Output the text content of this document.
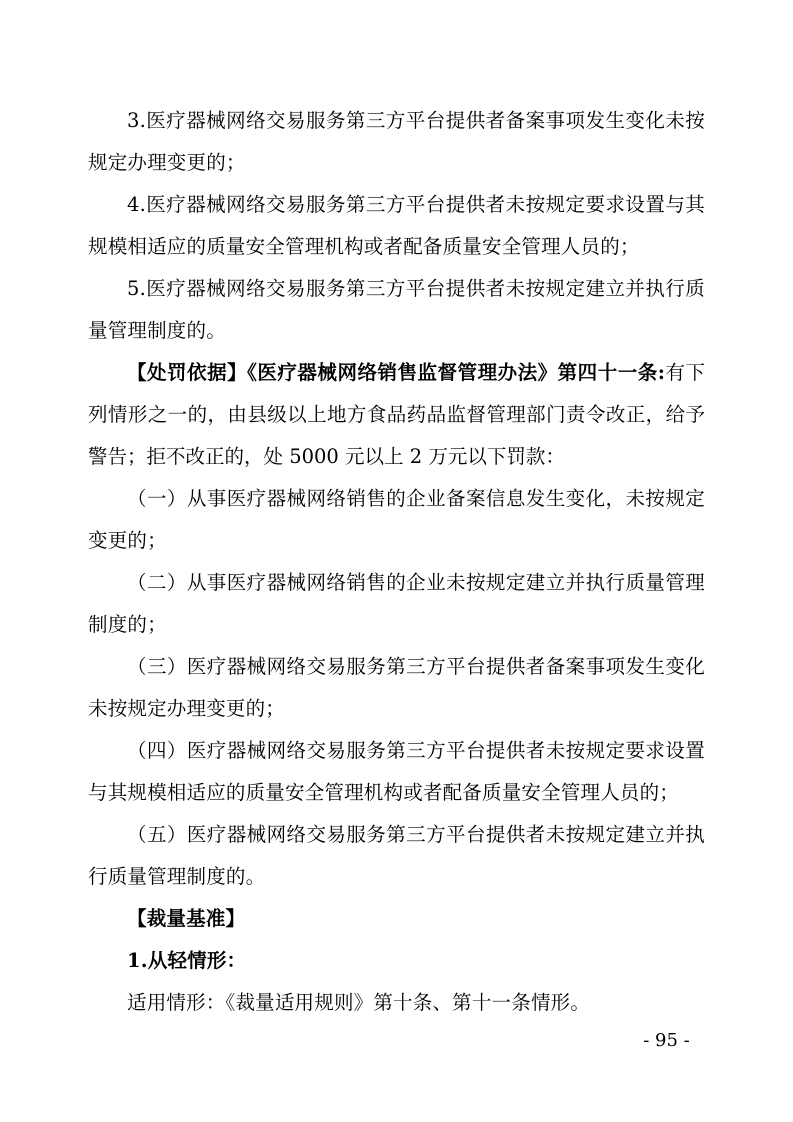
3.医疗器械网络交易服务第三方平台提供者备案事项发生变化未按规定办理变更的；

4.医疗器械网络交易服务第三方平台提供者未按规定要求设置与其规模相适应的质量安全管理机构或者配备质量安全管理人员的；

5.医疗器械网络交易服务第三方平台提供者未按规定建立并执行质量管理制度的。

【处罚依据】《医疗器械网络销售监督管理办法》第四十一条:有下列情形之一的，由县级以上地方食品药品监督管理部门责令改正，给予警告；拒不改正的，处 5000 元以上 2 万元以下罚款：

（一）从事医疗器械网络销售的企业备案信息发生变化，未按规定变更的；

（二）从事医疗器械网络销售的企业未按规定建立并执行质量管理制度的；

（三）医疗器械网络交易服务第三方平台提供者备案事项发生变化未按规定办理变更的；

（四）医疗器械网络交易服务第三方平台提供者未按规定要求设置与其规模相适应的质量安全管理机构或者配备质量安全管理人员的；

（五）医疗器械网络交易服务第三方平台提供者未按规定建立并执行质量管理制度的。

【裁量基准】

1.从轻情形：

适用情形：《裁量适用规则》第十条、第十一条情形。

- 95 -
